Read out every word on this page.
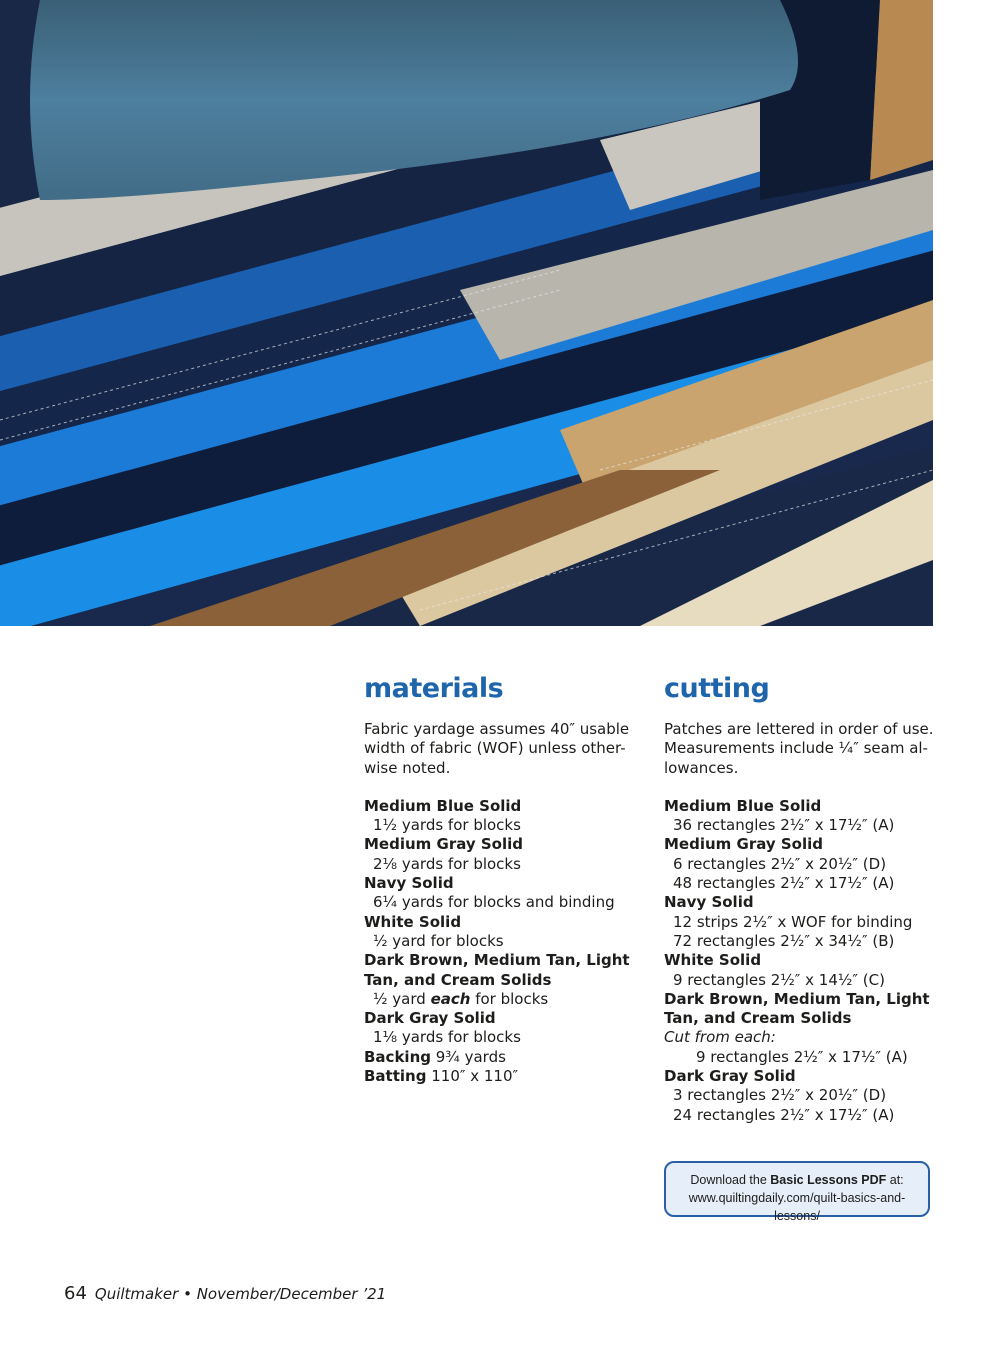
materials
Fabric yardage assumes 40″ usable
width of fabric (WOF) unless other-
wise noted.
Medium Blue Solid
1½ yards for blocks
Medium Gray Solid
2⅛ yards for blocks
Navy Solid
6¼ yards for blocks and binding
White Solid
½ yard for blocks
Dark Brown, Medium Tan, Light
Tan, and Cream Solids
½ yard each for blocks
Dark Gray Solid
1⅛ yards for blocks
Backing 9¾ yards
Batting 110″ x 110″
cutting
Patches are lettered in order of use.
Measurements include ¼″ seam al-
lowances.
Medium Blue Solid
36 rectangles 2½″ x 17½″ (A)
Medium Gray Solid
6 rectangles 2½″ x 20½″ (D)
48 rectangles 2½″ x 17½″ (A)
Navy Solid
12 strips 2½″ x WOF for binding
72 rectangles 2½″ x 34½″ (B)
White Solid
9 rectangles 2½″ x 14½″ (C)
Dark Brown, Medium Tan, Light
Tan, and Cream Solids
Cut from each:
9 rectangles 2½″ x 17½″ (A)
Dark Gray Solid
3 rectangles 2½″ x 20½″ (D)
24 rectangles 2½″ x 17½″ (A)
Download the Basic Lessons PDF at:
www.quiltingdaily.com/quilt-basics-and-lessons/
64 Quiltmaker • November/December ’21
